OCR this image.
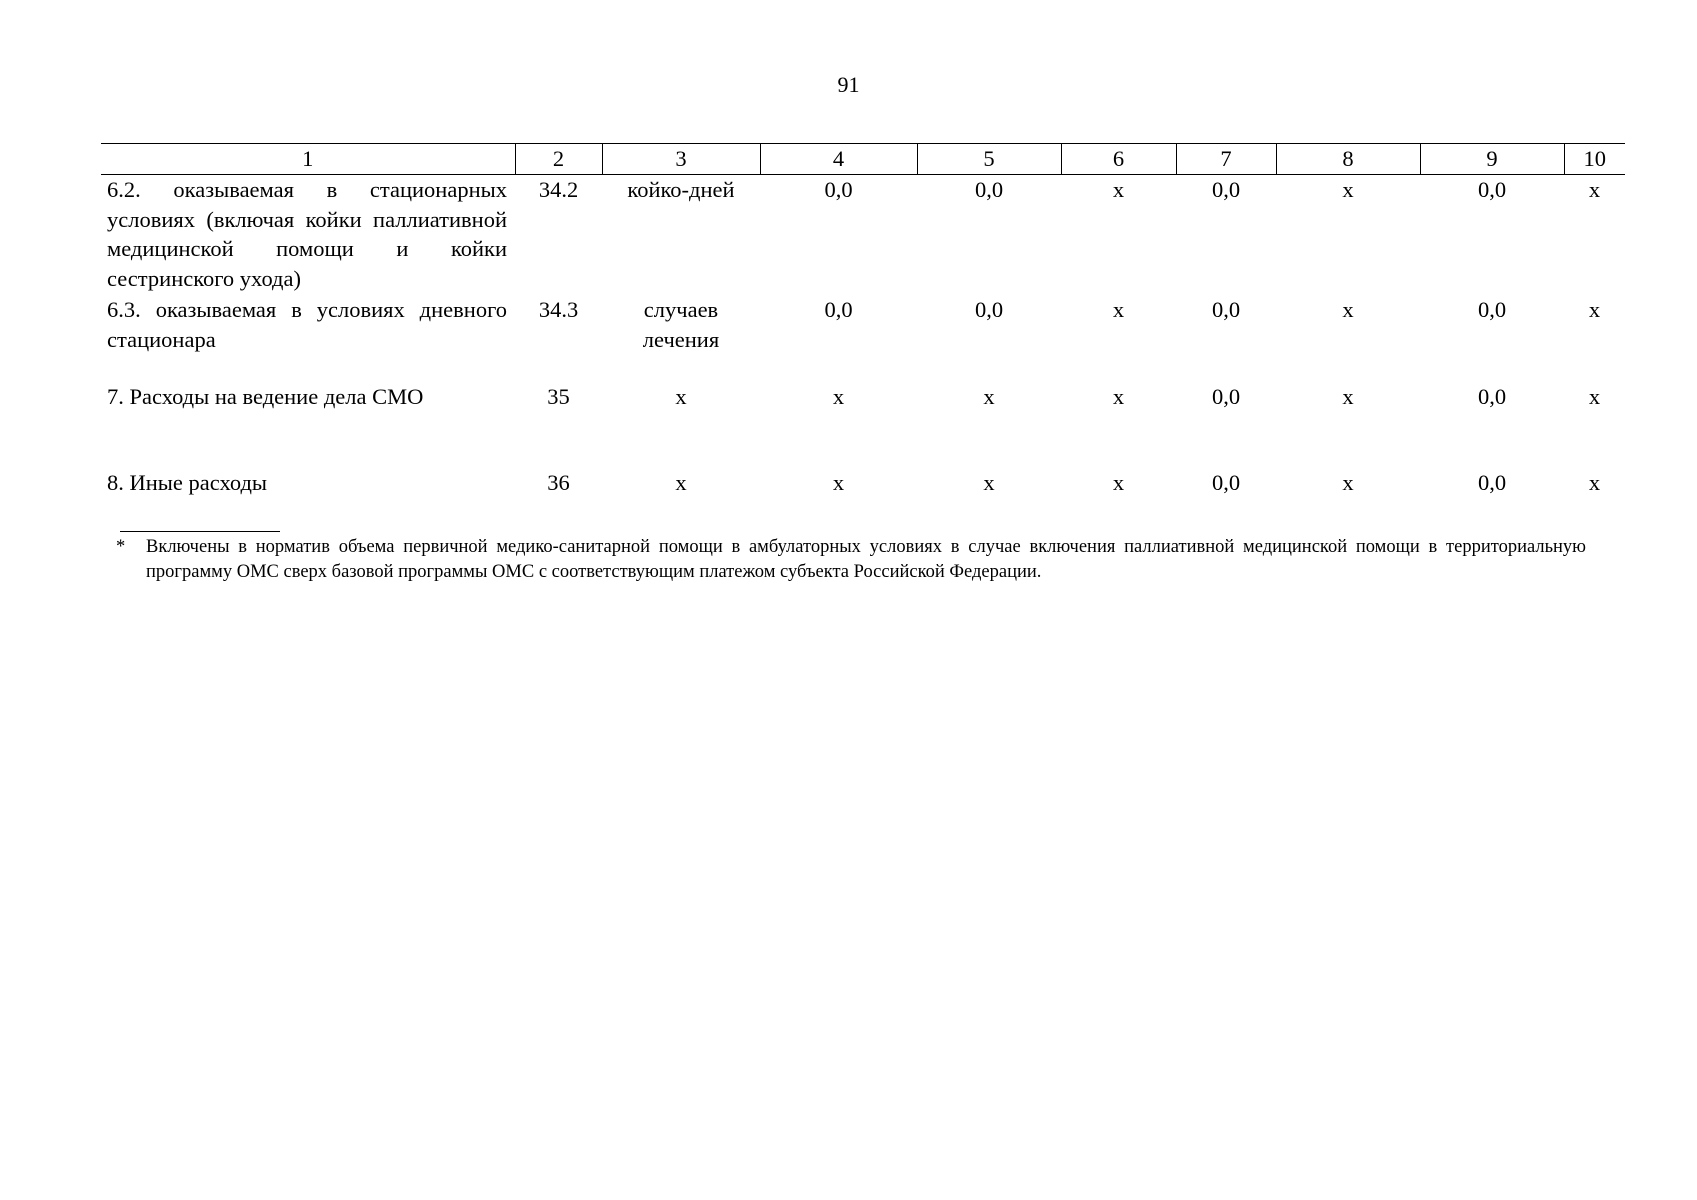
91
1	2	3	4	5	6	7	8	9	10
6.2. оказываемая в стационарных условиях (включая койки паллиативной медицинской помощи и койки сестринского ухода)	34.2	койко-дней	0,0	0,0	х	0,0	х	0,0	х
6.3. оказываемая в условиях дневного стационара	34.3	случаев лечения	0,0	0,0	х	0,0	х	0,0	х
7. Расходы на ведение дела СМО	35	х	х	х	х	0,0	х	0,0	х
8. Иные расходы	36	х	х	х	х	0,0	х	0,0	х
*	Включены в норматив объема первичной медико-санитарной помощи в амбулаторных условиях в случае включения паллиативной медицинской помощи в территориальную программу ОМС сверх базовой программы ОМС с соответствующим платежом субъекта Российской Федерации.
